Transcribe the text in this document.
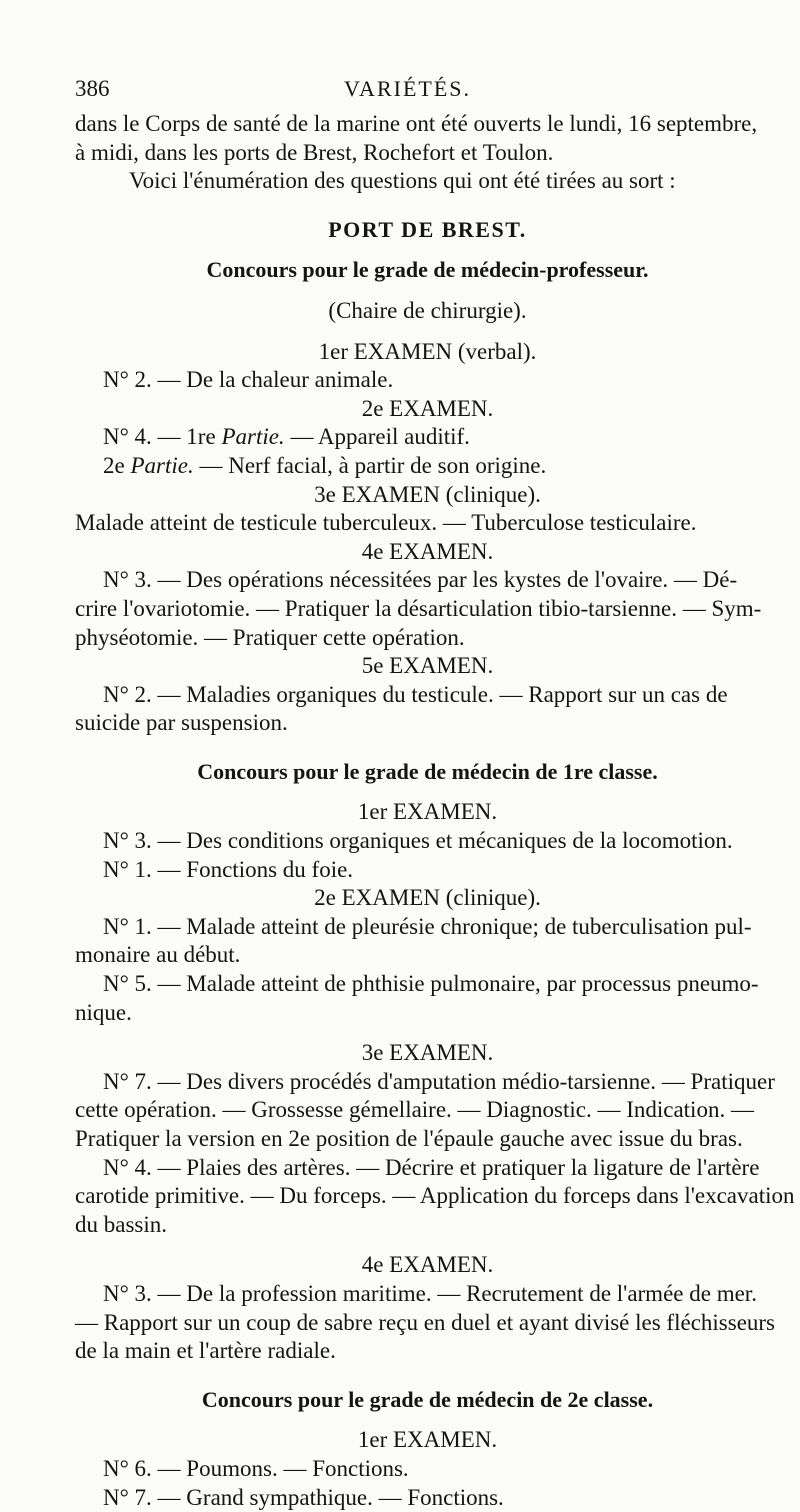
386	VARIÉTÉS.
dans le Corps de santé de la marine ont été ouverts le lundi, 16 septembre,
à midi, dans les ports de Brest, Rochefort et Toulon.
Voici l'énumération des questions qui ont été tirées au sort :
PORT DE BREST.
Concours pour le grade de médecin-professeur.
(Chaire de chirurgie).
1er EXAMEN (verbal).
N° 2. — De la chaleur animale.
2e EXAMEN.
N° 4. — 1re Partie. — Appareil auditif.
2e Partie. — Nerf facial, à partir de son origine.
3e EXAMEN (clinique).
Malade atteint de testicule tuberculeux. — Tuberculose testiculaire.
4e EXAMEN.
N° 3. — Des opérations nécessitées par les kystes de l'ovaire. — Dé-
crire l'ovariotomie. — Pratiquer la désarticulation tibio-tarsienne. — Sym-
physéotomie. — Pratiquer cette opération.
5e EXAMEN.
N° 2. — Maladies organiques du testicule. — Rapport sur un cas de
suicide par suspension.
Concours pour le grade de médecin de 1re classe.
1er EXAMEN.
N° 3. — Des conditions organiques et mécaniques de la locomotion.
N° 1. — Fonctions du foie.
2e EXAMEN (clinique).
N° 1. — Malade atteint de pleurésie chronique; de tuberculisation pul-
monaire au début.
N° 5. — Malade atteint de phthisie pulmonaire, par processus pneumo-
nique.
3e EXAMEN.
N° 7. — Des divers procédés d'amputation médio-tarsienne. — Pratiquer
cette opération. — Grossesse gémellaire. — Diagnostic. — Indication. —
Pratiquer la version en 2e position de l'épaule gauche avec issue du bras.
N° 4. — Plaies des artères. — Décrire et pratiquer la ligature de l'artère
carotide primitive. — Du forceps. — Application du forceps dans l'excavation
du bassin.
4e EXAMEN.
N° 3. — De la profession maritime. — Recrutement de l'armée de mer.
— Rapport sur un coup de sabre reçu en duel et ayant divisé les fléchisseurs
de la main et l'artère radiale.
Concours pour le grade de médecin de 2e classe.
1er EXAMEN.
N° 6. — Poumons. — Fonctions.
N° 7. — Grand sympathique. — Fonctions.
